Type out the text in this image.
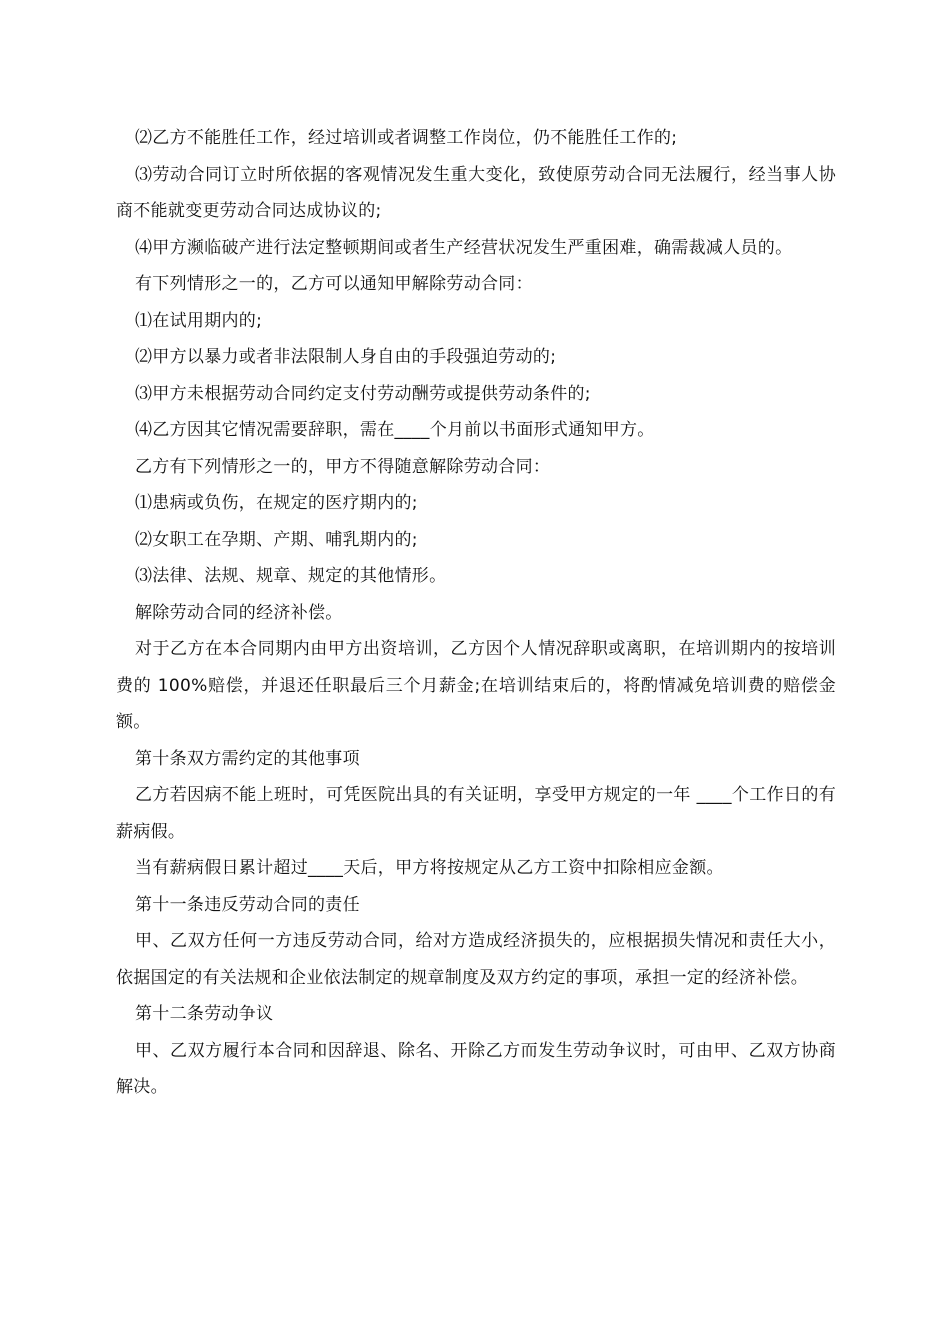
⑵乙方不能胜任工作，经过培训或者调整工作岗位，仍不能胜任工作的;

⑶劳动合同订立时所依据的客观情况发生重大变化，致使原劳动合同无法履行，经当事人协商不能就变更劳动合同达成协议的;

⑷甲方濒临破产进行法定整顿期间或者生产经营状况发生严重困难，确需裁减人员的。

有下列情形之一的，乙方可以通知甲解除劳动合同：

⑴在试用期内的;

⑵甲方以暴力或者非法限制人身自由的手段强迫劳动的;

⑶甲方未根据劳动合同约定支付劳动酬劳或提供劳动条件的;

⑷乙方因其它情况需要辞职，需在____个月前以书面形式通知甲方。

乙方有下列情形之一的，甲方不得随意解除劳动合同：

⑴患病或负伤，在规定的医疗期内的;

⑵女职工在孕期、产期、哺乳期内的;

⑶法律、法规、规章、规定的其他情形。

解除劳动合同的经济补偿。

对于乙方在本合同期内由甲方出资培训，乙方因个人情况辞职或离职，在培训期内的按培训费的 100%赔偿，并退还任职最后三个月薪金;在培训结束后的，将酌情减免培训费的赔偿金额。

第十条双方需约定的其他事项

乙方若因病不能上班时，可凭医院出具的有关证明，享受甲方规定的一年 ____个工作日的有薪病假。

当有薪病假日累计超过____天后，甲方将按规定从乙方工资中扣除相应金额。

第十一条违反劳动合同的责任

甲、乙双方任何一方违反劳动合同，给对方造成经济损失的，应根据损失情况和责任大小，依据国定的有关法规和企业依法制定的规章制度及双方约定的事项，承担一定的经济补偿。

第十二条劳动争议

甲、乙双方履行本合同和因辞退、除名、开除乙方而发生劳动争议时，可由甲、乙双方协商解决。
